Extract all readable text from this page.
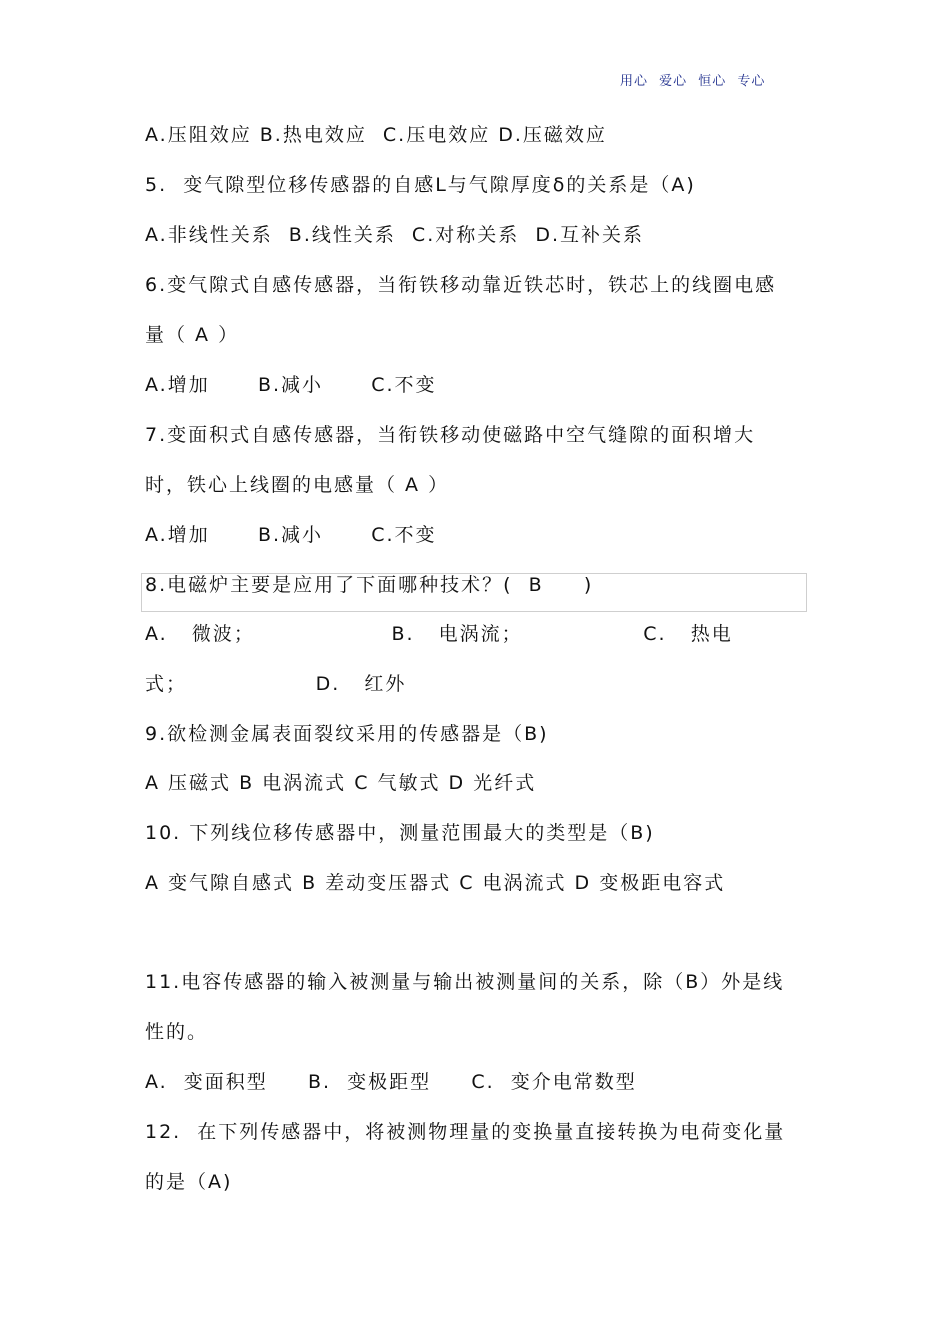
用心 爱心 恒心 专心
A.压阻效应 B.热电效应  C.压电效应 D.压磁效应
5.  变气隙型位移传感器的自感L与气隙厚度δ的关系是（A)
A.非线性关系  B.线性关系  C.对称关系  D.互补关系
6.变气隙式自感传感器，当衔铁移动靠近铁芯时，铁芯上的线圈电感
量（ A ）
A.增加      B.减小      C.不变
7.变面积式自感传感器，当衔铁移动使磁路中空气缝隙的面积增大
时，铁心上线圈的电感量（ A ）
A.增加      B.减小      C.不变
8.电磁炉主要是应用了下面哪种技术？(  B     )
A.   微波；                 B.   电涡流；               C.   热电
式；                D.   红外
9.欲检测金属表面裂纹采用的传感器是（B)
A 压磁式 B 电涡流式 C 气敏式 D 光纤式
10. 下列线位移传感器中，测量范围最大的类型是（B)
A 变气隙自感式 B 差动变压器式 C 电涡流式 D 变极距电容式
11.电容传感器的输入被测量与输出被测量间的关系，除（B）外是线
性的。
A.  变面积型     B.  变极距型     C.  变介电常数型
12.  在下列传感器中，将被测物理量的变换量直接转换为电荷变化量
的是（A)
